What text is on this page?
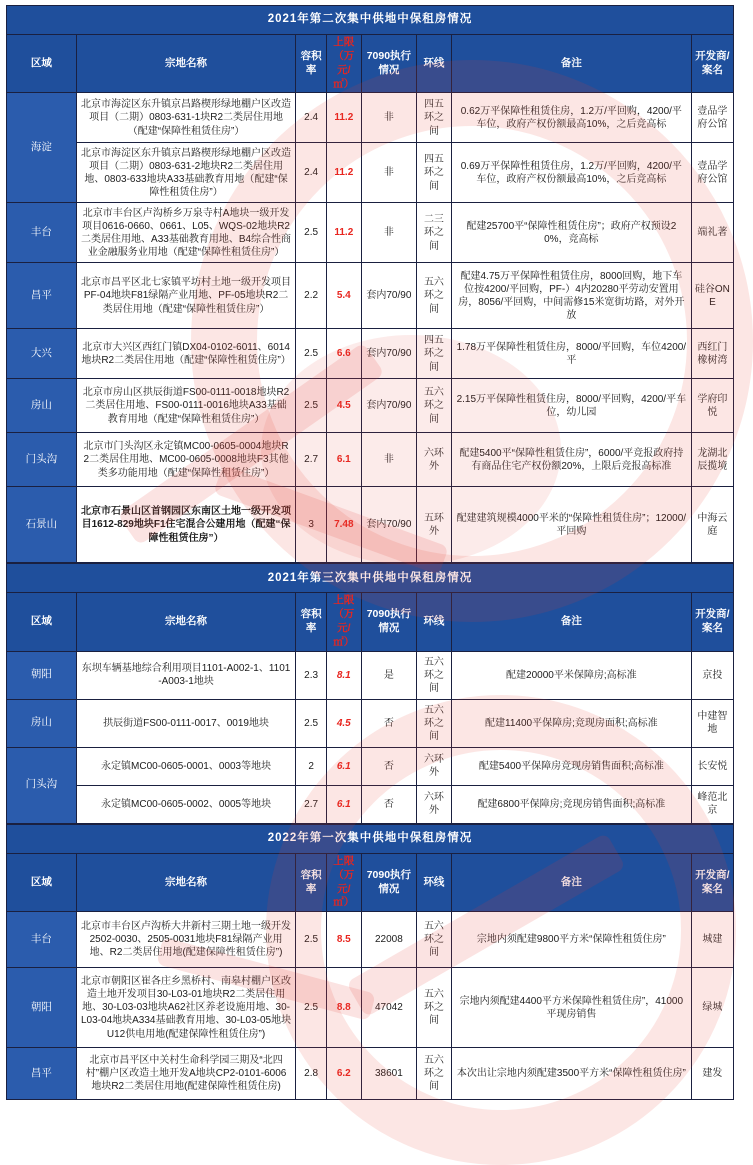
2021年第二次集中供地中保租房情况							
区域	宗地名称	容积率	上限（万元/㎡）	7090执行情况	环线	备注	开发商/案名
海淀	北京市海淀区东升镇京昌路楔形绿地棚户区改造项目（二期）0803-631-1块R2二类居住用地（配建“保障性租赁住房”）	2.4	11.2	非	四五环之间	0.62万平保障性租赁住房，1.2万/平回购，4200/平车位，政府产权份额最高10%，之后竞高标	壹品学府公馆
	北京市海淀区东升镇京昌路楔形绿地棚户区改造项目（二期）0803-631-2地块R2二类居住用地、0803-633地块A33基础教育用地（配建“保障性租赁住房”）	2.4	11.2	非	四五环之间	0.69万平保障性租赁住房，1.2万/平回购，4200/平车位，政府产权份额最高10%，之后竞高标	壹品学府公馆
丰台	北京市丰台区卢沟桥乡万泉寺村A地块一级开发项目0616-0660、0661、L05、WQS-02地块R2二类居住用地、A33基础教育用地、B4综合性商业金融服务业用地（配建“保障性租赁住房”）	2.5	11.2	非	二三环之间	配建25700平“保障性租赁住房”；政府产权预设20%，竞高标	端礼著
昌平	北京市昌平区北七家镇平坊村土地一级开发项目PF-04地块F81绿隔产业用地、PF-05地块R2二类居住用地（配建“保障性租赁住房”）	2.2	5.4	套内70/90	五六环之间	配建4.75万平保障性租赁住房，8000回购，地下车位按4200/平回购，PF-）4内20280平劳动安置用房，8056/平回购，中间需修15米宽街坊路，对外开放	硅谷ONE
大兴	北京市大兴区西红门镇DX04-0102-6011、6014地块R2二类居住用地（配建“保障性租赁住房”）	2.5	6.6	套内70/90	四五环之间	1.78万平保障性租赁住房，8000/平回购，车位4200/平	西红门橡树湾
房山	北京市房山区拱辰街道FS00-0111-0018地块R2二类居住用地、FS00-0111-0016地块A33基础教育用地（配建“保障性租赁住房”）	2.5	4.5	套内70/90	五六环之间	2.15万平保障性租赁住房，8000/平回购，4200/平车位，幼儿园	学府印悦
门头沟	北京市门头沟区永定镇MC00-0605-0004地块R2二类居住用地、MC00-0605-0008地块F3其他类多功能用地（配建“保障性租赁住房”）	2.7	6.1	非	六环外	配建5400平“保障性租赁住房”，6000/平竞报政府持有商品住宅产权份额20%，上限后竞报高标准	龙湖北辰揽境
石景山	北京市石景山区首钢园区东南区土地一级开发项目1612-829地块F1住宅混合公建用地（配建“保障性租赁住房”）	3	7.48	套内70/90	五环外	配建建筑规模4000平米的“保障性租赁住房”；12000/平回购	中海云庭
2021年第三次集中供地中保租房情况							
区域	宗地名称	容积率	上限（万元/㎡）	7090执行情况	环线	备注	开发商/案名
朝阳	东坝车辆基地综合利用项目1101-A002-1、1101-A003-1地块	2.3	8.1	是	五六环之间	配建20000平米保障房;高标准	京投
房山	拱辰街道FS00-0111-0017、0019地块	2.5	4.5	否	五六环之间	配建11400平保障房;竞现房面积;高标准	中建智地
门头沟	永定镇MC00-0605-0001、0003等地块	2	6.1	否	六环外	配建5400平保障房竞现房销售面积;高标准	长安悦
	永定镇MC00-0605-0002、0005等地块	2.7	6.1	否	六环外	配建6800平保障房;竞现房销售面积;高标准	峰范北京
2022年第一次集中供地中保租房情况							
区域	宗地名称	容积率	上限（万元/㎡）	7090执行情况	环线	备注	开发商/案名
丰台	北京市丰台区卢沟桥大井新村三期土地一级开发2502-0030、2505-0031地块F81绿隔产业用地、R2二类居住用地(配建保障性租赁住房”)	2.5	8.5	22008	五六环之间	宗地内须配建9800平方米“保障性租赁住房”	城建
朝阳	北京市朝阳区崔各庄乡黑桥村、南皋村棚户区改造土地开发项目30-L03-01地块R2二类居住用地、30-L03-03地块A62社区养老设施用地、30-L03-04地块A334基础教育用地、30-L03-05地块U12供电用地(配建保障性租赁住房”)	2.5	8.8	47042	五六环之间	宗地内须配建4400平方米保障性租赁住房”，41000平现房销售	绿城
昌平	北京市昌平区中关村生命科学园三期及“北四村”棚户区改造土地开发A地块CP2-0101-6006地块R2二类居住用地(配建保障性租赁住房)	2.8	6.2	38601	五六环之间	本次出让宗地内须配建3500平方米“保障性租赁住房”	建发
